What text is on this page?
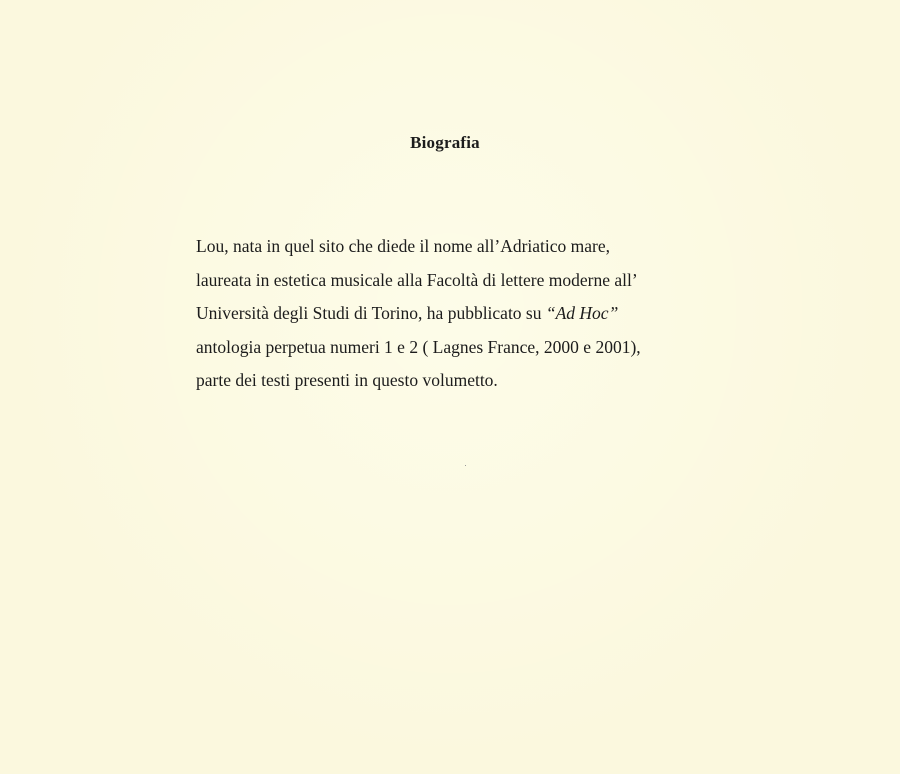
Biografia
Lou, nata in quel sito che diede il nome all’Adriatico mare,
laureata in estetica musicale alla Facoltà di lettere moderne all’
Università degli Studi di Torino, ha pubblicato su “Ad Hoc”
antologia perpetua numeri 1 e 2 ( Lagnes France, 2000 e 2001),
parte dei testi presenti in questo volumetto.
